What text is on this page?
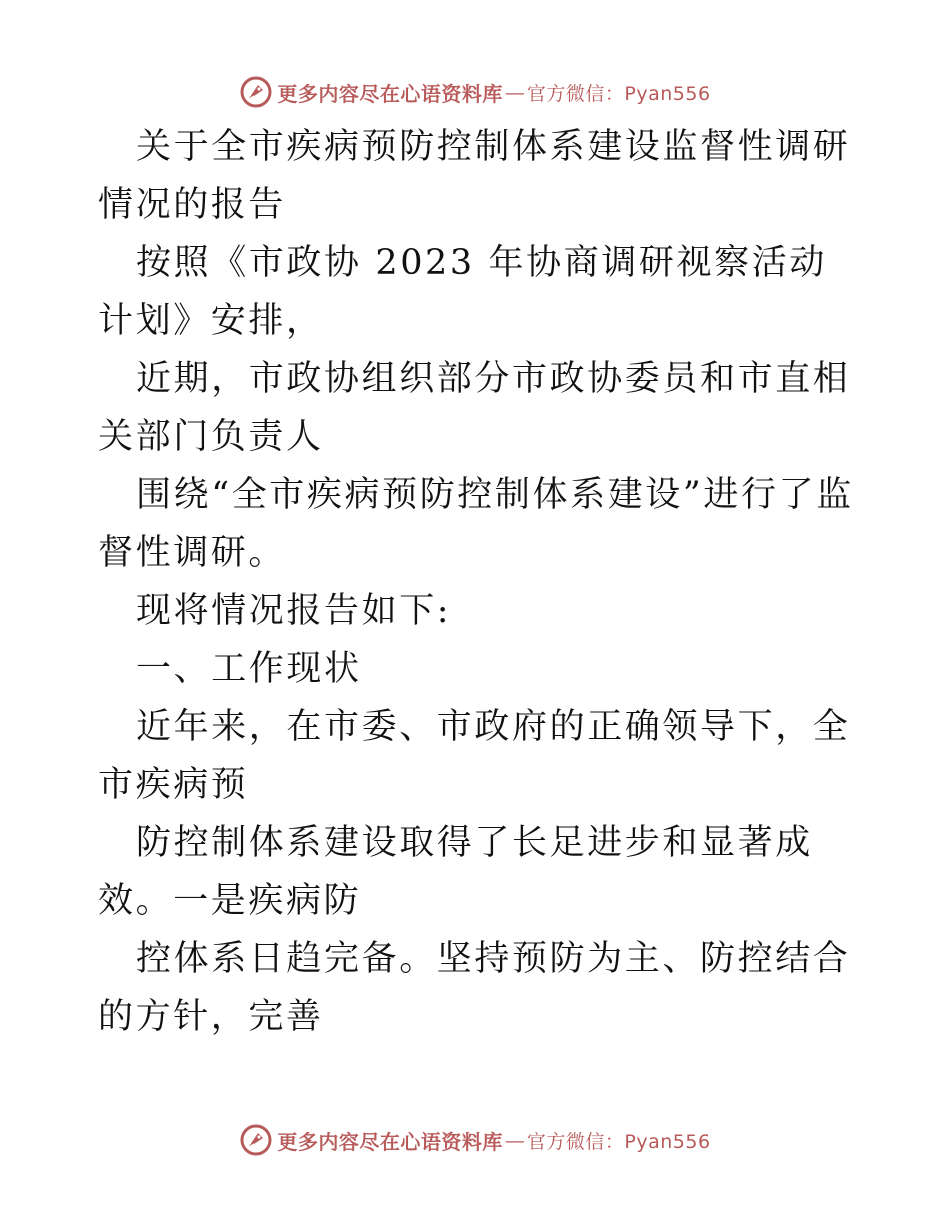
更多内容尽在心语资料库 — 官方微信：Pyan556

关于全市疾病预防控制体系建设监督性调研情况的报告

按照《市政协 2023 年协商调研视察活动计划》安排，

近期，市政协组织部分市政协委员和市直相关部门负责人

围绕“全市疾病预防控制体系建设”进行了监督性调研。

现将情况报告如下:

一、工作现状

近年来，在市委、市政府的正确领导下，全市疾病预

防控制体系建设取得了长足进步和显著成效。一是疾病防

控体系日趋完备。坚持预防为主、防控结合的方针，完善

更多内容尽在心语资料库 — 官方微信：Pyan556
